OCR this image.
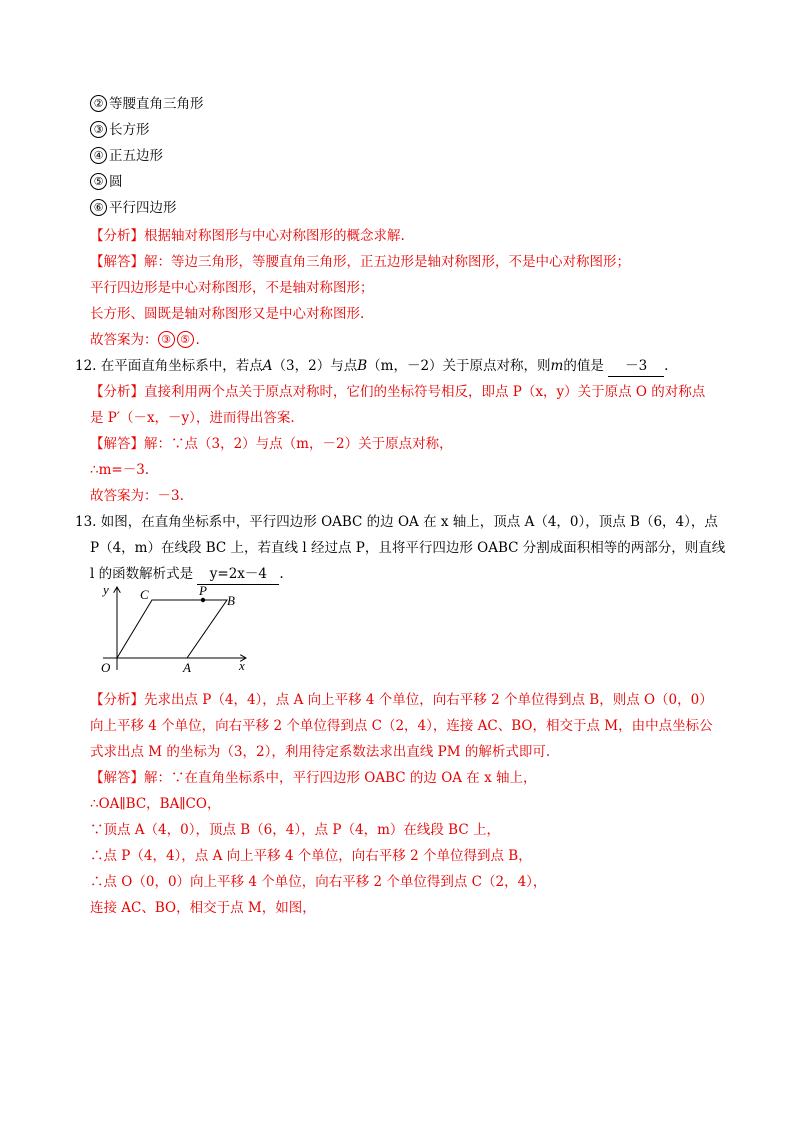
② 等腰直角三角形
③ 长方形
④ 正五边形
⑤ 圆
⑥ 平行四边形
【分析】根据轴对称图形与中心对称图形的概念求解.
【解答】解：等边三角形，等腰直角三角形，正五边形是轴对称图形，不是中心对称图形；
平行四边形是中心对称图形，不是轴对称图形；
长方形、圆既是轴对称图形又是中心对称图形.
故答案为： ③ ⑤ .
12. 在平面直角坐标系中，若点A（3，2）与点B（m，－2）关于原点对称，则m的值是 －3 .
【分析】直接利用两个点关于原点对称时，它们的坐标符号相反，即点 P（x，y）关于原点 O 的对称点
是 P′（－x，－y），进而得出答案.
【解答】解：∵点（3，2）与点（m，－2）关于原点对称，
∴m=－3.
故答案为：－3.
13. 如图，在直角坐标系中，平行四边形 OABC 的边 OA 在 x 轴上，顶点 A（4，0），顶点 B（6，4），点
P（4，m）在线段 BC 上，若直线 l 经过点 P，且将平行四边形 OABC 分割成面积相等的两部分，则直线
l 的函数解析式是 y=2x－4 .
y
x
O	A
B
C	P
【分析】先求出点 P（4，4），点 A 向上平移 4 个单位，向右平移 2 个单位得到点 B，则点 O（0，0）
向上平移 4 个单位，向右平移 2 个单位得到点 C（2，4），连接 AC、BO，相交于点 M，由中点坐标公
式求出点 M 的坐标为（3，2），利用待定系数法求出直线 PM 的解析式即可.
【解答】解：∵在直角坐标系中，平行四边形 OABC 的边 OA 在 x 轴上，
∴OA∥BC，BA∥CO，
∵顶点 A（4，0），顶点 B（6，4），点 P（4，m）在线段 BC 上，
∴点 P（4，4），点 A 向上平移 4 个单位，向右平移 2 个单位得到点 B，
∴点 O（0，0）向上平移 4 个单位，向右平移 2 个单位得到点 C（2，4），
连接 AC、BO，相交于点 M，如图，
